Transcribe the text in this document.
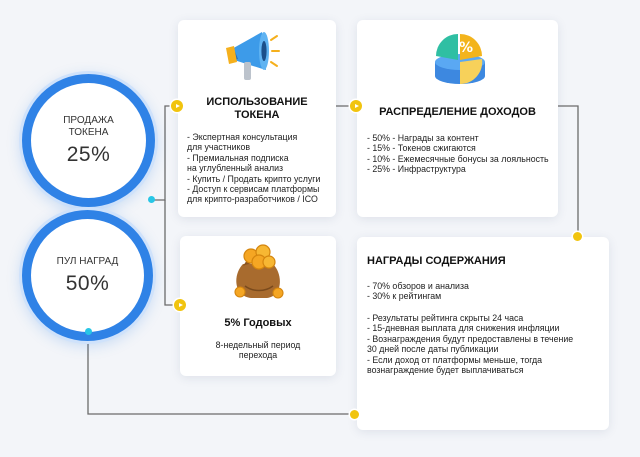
ПРОДАЖА
ТОКЕНА
25%
ПУЛ НАГРАД
50%
ИСПОЛЬЗОВАНИЕ
ТОКЕНА
- Экспертная консультация
для участников
- Премиальная подписка
на углубленный анализ
- Купить / Продать крипто услуги
- Доступ к сервисам платформы
для крипто-разработчиков / ICO
%
РАСПРЕДЕЛЕНИЕ ДОХОДОВ
- 50% - Награды за контент
- 15% - Токенов сжигаются
- 10% - Ежемесячные бонусы за лояльность
- 25% - Инфраструктура
5% Годовых
8-недельный период
перехода
НАГРАДЫ СОДЕРЖАНИЯ
- 70% обзоров и анализа
- 30% к рейтингам
- Результаты рейтинга скрыты 24 часа
- 15-дневная выплата для снижения инфляции
- Вознаграждения будут предоставлены в течение
30 дней после даты публикации
- Если доход от платформы меньше, тогда
вознаграждение будет выплачиваться
